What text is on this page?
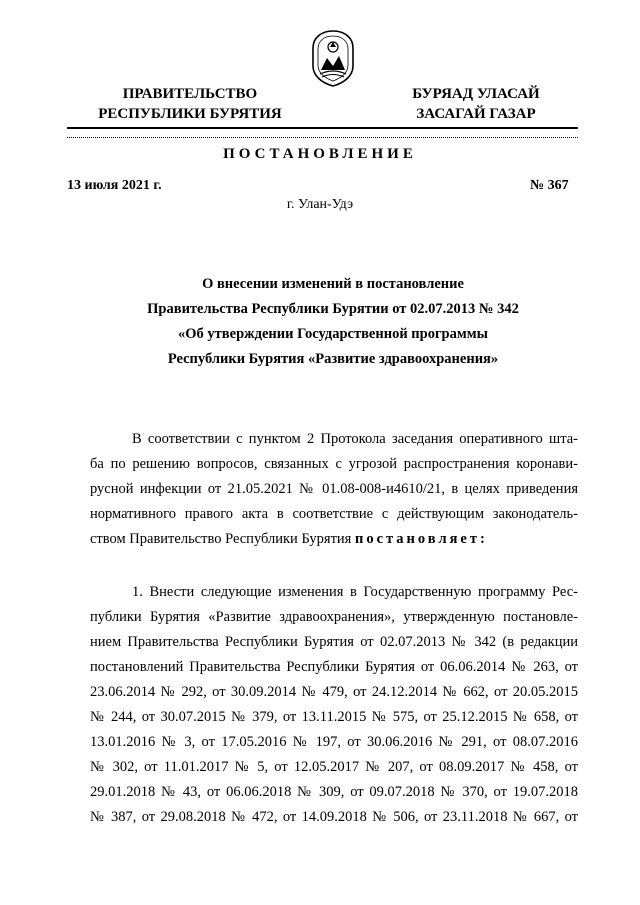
ПРАВИТЕЛЬСТВО
РЕСПУБЛИКИ БУРЯТИЯ
БУРЯАД УЛАСАЙ
ЗАСАГАЙ ГАЗАР
ПОСТАНОВЛЕНИЕ
13 июля 2021 г.	№ 367
г. Улан-Удэ
О внесении изменений в постановление
Правительства Республики Бурятии от 02.07.2013 № 342
«Об утверждении Государственной программы
Республики Бурятия «Развитие здравоохранения»
В соответствии с пунктом 2 Протокола заседания оперативного шта-
ба по решению вопросов, связанных с угрозой распространения коронави-
русной инфекции от 21.05.2021 № 01.08-008-и4610/21, в целях приведения
нормативного правого акта в соответствие с действующим законодатель-
ством Правительство Республики Бурятия постановляет:
1. Внести следующие изменения в Государственную программу Рес-
публики Бурятия «Развитие здравоохранения», утвержденную постановле-
нием Правительства Республики Бурятия от 02.07.2013 № 342 (в редакции
постановлений Правительства Республики Бурятия от 06.06.2014 № 263, от
23.06.2014 № 292, от 30.09.2014 № 479, от 24.12.2014 № 662, от 20.05.2015
№ 244, от 30.07.2015 № 379, от 13.11.2015 № 575, от 25.12.2015 № 658, от
13.01.2016 № 3, от 17.05.2016 № 197, от 30.06.2016 № 291, от 08.07.2016
№ 302, от 11.01.2017 № 5, от 12.05.2017 № 207, от 08.09.2017 № 458, от
29.01.2018 № 43, от 06.06.2018 № 309, от 09.07.2018 № 370, от 19.07.2018
№ 387, от 29.08.2018 № 472, от 14.09.2018 № 506, от 23.11.2018 № 667, от
